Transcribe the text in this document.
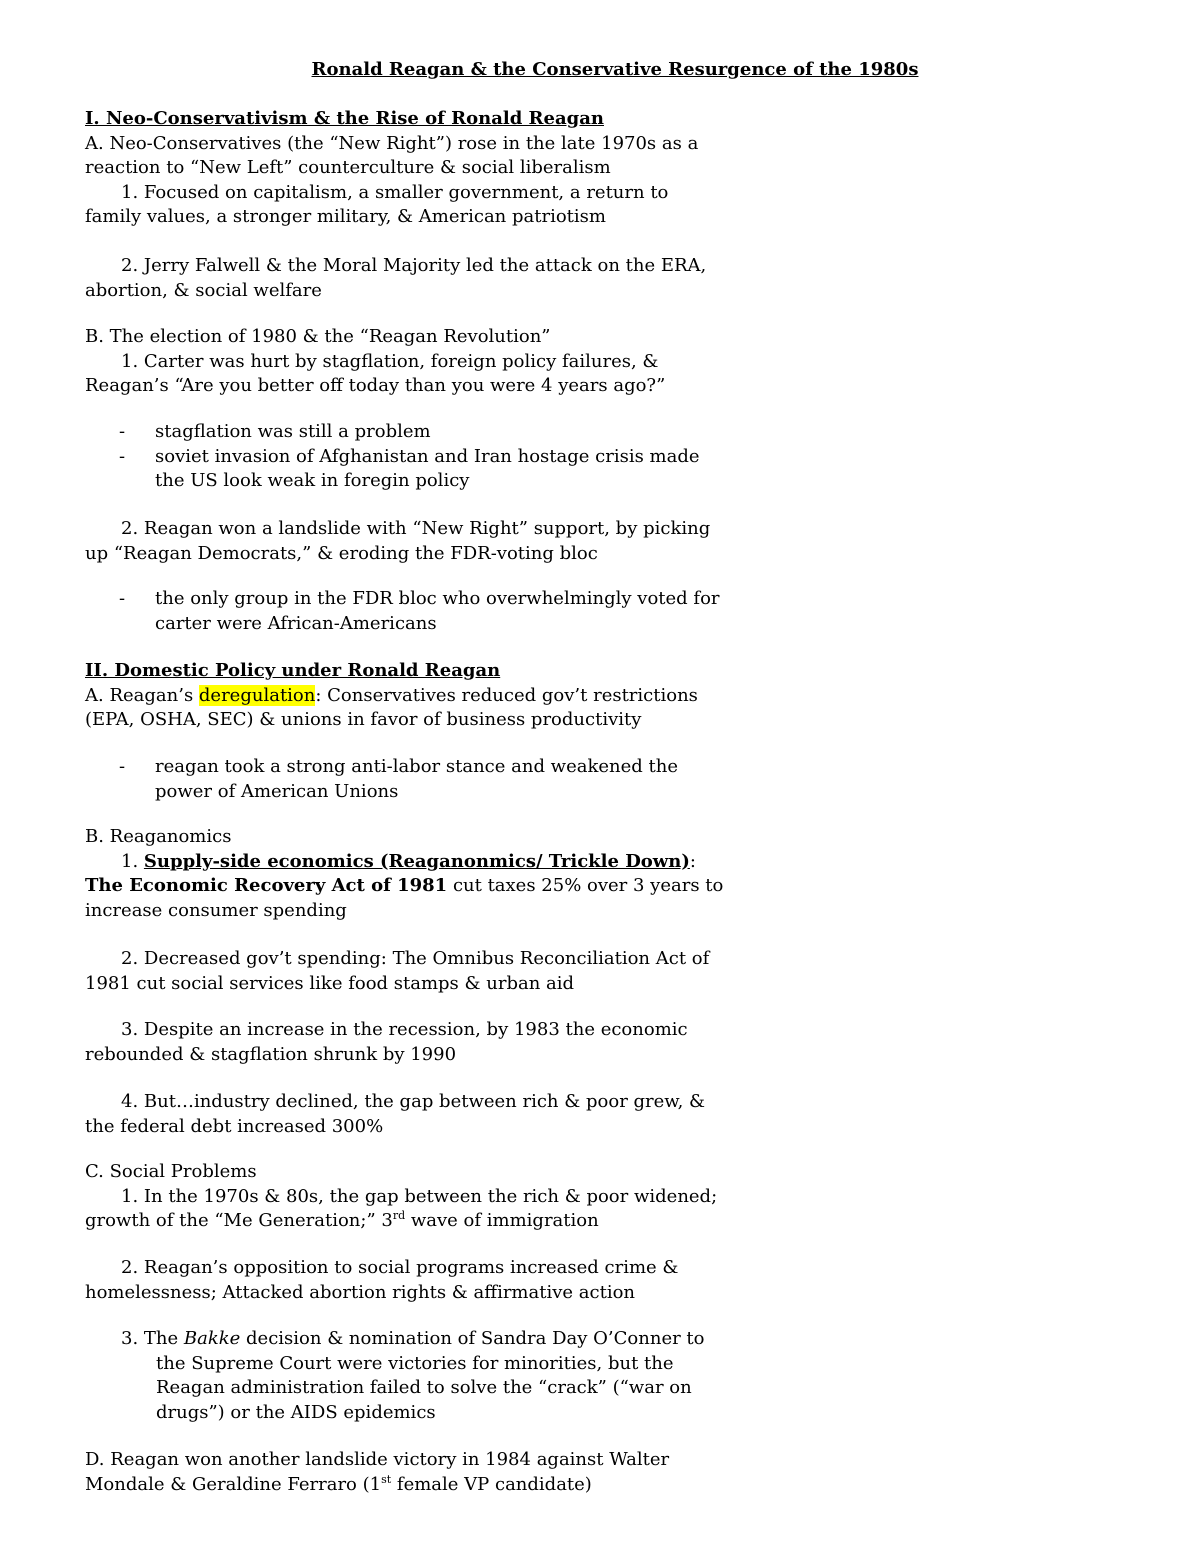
Ronald Reagan & the Conservative Resurgence of the 1980s
I. Neo-Conservativism & the Rise of Ronald Reagan
A. Neo-Conservatives (the “New Right”) rose in the late 1970s as a reaction to “New Left” counterculture & social liberalism
1. Focused on capitalism, a smaller government, a return to
family values, a stronger military, & American patriotism
2. Jerry Falwell & the Moral Majority led the attack on the ERA,
abortion, & social welfare
B. The election of 1980 & the “Reagan Revolution”
1. Carter was hurt by stagflation, foreign policy failures, &
Reagan’s “Are you better off today than you were 4 years ago?”
- stagflation was still a problem
- soviet invasion of Afghanistan and Iran hostage crisis made the US look weak in foregin policy
2. Reagan won a landslide with “New Right” support, by picking
up “Reagan Democrats,” & eroding the FDR-voting bloc
- the only group in the FDR bloc who overwhelmingly voted for carter were African-Americans
II. Domestic Policy under Ronald Reagan
A. Reagan’s deregulation: Conservatives reduced gov’t restrictions (EPA, OSHA, SEC) & unions in favor of business productivity
- reagan took a strong anti-labor stance and weakened the power of American Unions
B. Reaganomics
1. Supply-side economics (Reaganonmics/ Trickle Down): The Economic Recovery Act of 1981 cut taxes 25% over 3 years to increase consumer spending
2. Decreased gov’t spending: The Omnibus Reconciliation Act of
1981 cut social services like food stamps & urban aid
3. Despite an increase in the recession, by 1983 the economic
rebounded & stagflation shrunk by 1990
4. But…industry declined, the gap between rich & poor grew, &
the federal debt increased 300%
C. Social Problems
1. In the 1970s & 80s, the gap between the rich & poor widened;
growth of the “Me Generation;” 3rd wave of immigration
2. Reagan’s opposition to social programs increased crime &
homelessness; Attacked abortion rights & affirmative action
3. The Bakke decision & nomination of Sandra Day O’Conner to the Supreme Court were victories for minorities, but the Reagan administration failed to solve the “crack” (“war on drugs”) or the AIDS epidemics
D. Reagan won another landslide victory in 1984 against Walter Mondale & Geraldine Ferraro (1st female VP candidate)
